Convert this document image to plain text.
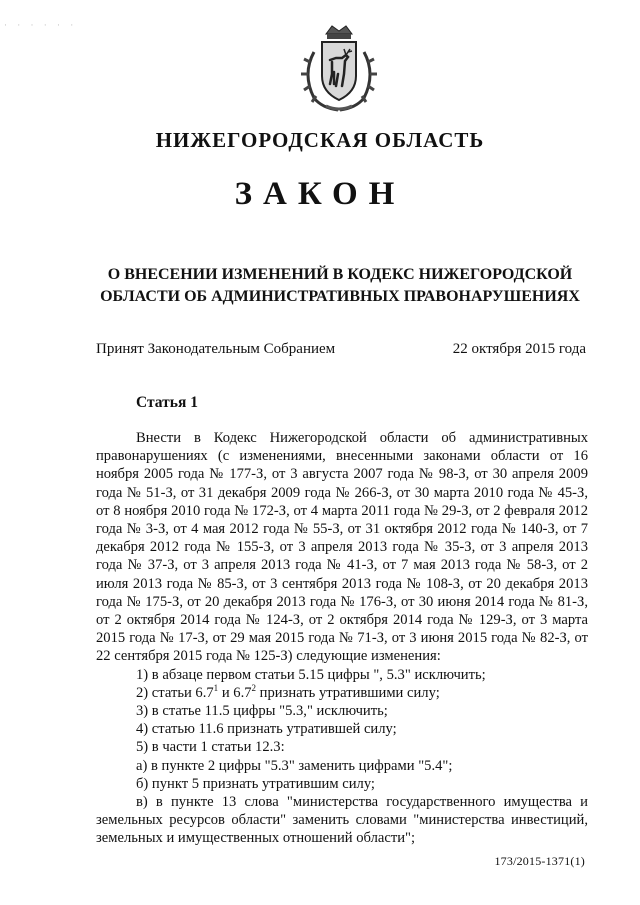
· · · · · ·
НИЖЕГОРОДСКАЯ ОБЛАСТЬ
ЗАКОН
О ВНЕСЕНИИ ИЗМЕНЕНИЙ В КОДЕКС НИЖЕГОРОДСКОЙ
ОБЛАСТИ ОБ АДМИНИСТРАТИВНЫХ ПРАВОНАРУШЕНИЯХ
Принят Законодательным Собранием	22 октября 2015 года
Статья 1

Внести в Кодекс Нижегородской области об административных правонарушениях (с изменениями, внесенными законами области от 16 ноября 2005 года № 177-З, от 3 августа 2007 года № 98-З, от 30 апреля 2009 года № 51-З, от 31 декабря 2009 года № 266-З, от 30 марта 2010 года № 45-З, от 8 ноября 2010 года № 172-З, от 4 марта 2011 года № 29-З, от 2 февраля 2012 года № 3-З, от 4 мая 2012 года № 55-З, от 31 октября 2012 года № 140-З, от 7 декабря 2012 года № 155-З, от 3 апреля 2013 года № 35-З, от 3 апреля 2013 года № 37-З, от 3 апреля 2013 года № 41-З, от 7 мая 2013 года № 58-З, от 2 июля 2013 года № 85-З, от 3 сентября 2013 года № 108-З, от 20 декабря 2013 года № 175-З, от 20 декабря 2013 года № 176-З, от 30 июня 2014 года № 81-З, от 2 октября 2014 года № 124-З, от 2 октября 2014 года № 129-З, от 3 марта 2015 года № 17-З, от 29 мая 2015 года № 71-З, от 3 июня 2015 года № 82-З, от 22 сентября 2015 года № 125-З) следующие изменения:

1) в абзаце первом статьи 5.15 цифры ", 5.3" исключить;

2) статьи $6.7^1$ и $6.7^2$ признать утратившими силу;

3) в статье 11.5 цифры "5.3," исключить;

4) статью 11.6 признать утратившей силу;

5) в части 1 статьи 12.3:

а) в пункте 2 цифры "5.3" заменить цифрами "5.4";

б) пункт 5 признать утратившим силу;

в) в пункте 13 слова "министерства государственного имущества и земельных ресурсов области" заменить словами "министерства инвестиций, земельных и имущественных отношений области";

173/2015-1371(1)
